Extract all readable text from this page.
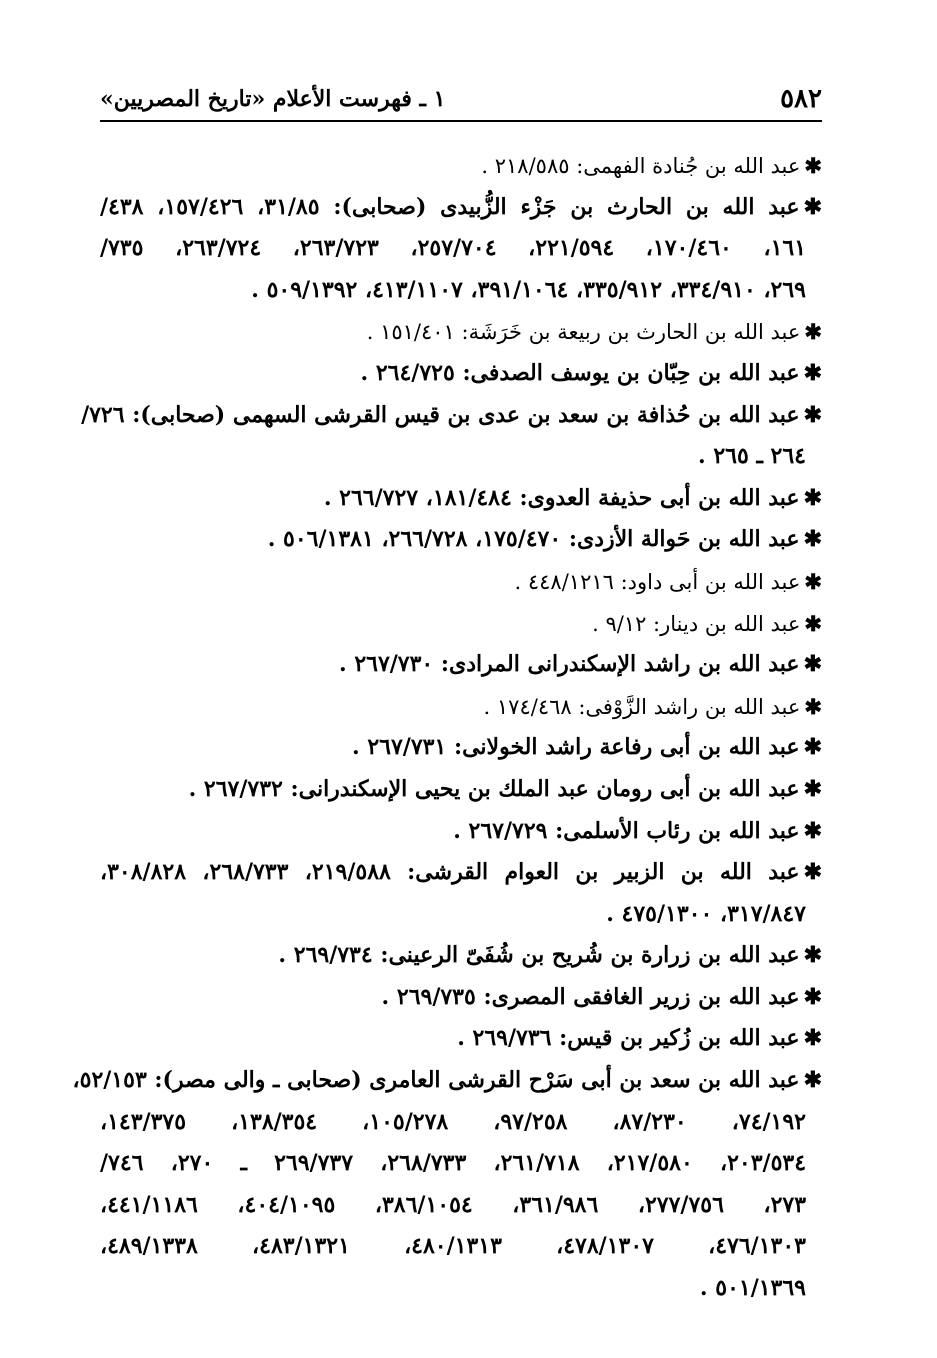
٥٨٢
١ ـ فهرست الأعلام «تاريخ المصريين»
✱عبد الله بن جُنادة الفهمى: ٢١٨/٥٨٥ .
✱عبد الله بن الحارث بن جَزْء الزُّبيدى (صحابى): ٣١/٨٥، ١٥٧/٤٢٦، ٤٣٨/
١٦١، ١٧٠/٤٦٠، ٢٢١/٥٩٤، ٢٥٧/٧٠٤، ٢٦٣/٧٢٣، ٢٦٣/٧٢٤، ٧٣٥/
٢٦٩، ٣٣٤/٩١٠، ٣٣٥/٩١٢، ٣٩١/١٠٦٤، ٤١٣/١١٠٧، ٥٠٩/١٣٩٢ .
✱عبد الله بن الحارث بن ربيعة بن خَرَشَة: ١٥١/٤٠١ .
✱عبد الله بن حِبّان بن يوسف الصدفى: ٢٦٤/٧٢٥ .
✱عبد الله بن حُذافة بن سعد بن عدى بن قيس القرشى السهمى (صحابى): ٧٢٦/
٢٦٤ ـ ٢٦٥ .
✱عبد الله بن أبى حذيفة العدوى: ١٨١/٤٨٤، ٢٦٦/٧٢٧ .
✱عبد الله بن حَوالة الأزدى: ١٧٥/٤٧٠، ٢٦٦/٧٢٨، ٥٠٦/١٣٨١ .
✱عبد الله بن أبى داود: ٤٤٨/١٢١٦ .
✱عبد الله بن دينار: ٩/١٢ .
✱عبد الله بن راشد الإسكندرانى المرادى: ٢٦٧/٧٣٠ .
✱عبد الله بن راشد الزَّوْفى: ١٧٤/٤٦٨ .
✱عبد الله بن أبى رفاعة راشد الخولانى: ٢٦٧/٧٣١ .
✱عبد الله بن أبى رومان عبد الملك بن يحيى الإسكندرانى: ٢٦٧/٧٣٢ .
✱عبد الله بن رئاب الأسلمى: ٢٦٧/٧٢٩ .
✱عبد الله بن الزبير بن العوام القرشى: ٢١٩/٥٨٨، ٢٦٨/٧٣٣، ٣٠٨/٨٢٨،
٣١٧/٨٤٧، ٤٧٥/١٣٠٠ .
✱عبد الله بن زرارة بن شُريح بن شُفَىّ الرعينى: ٢٦٩/٧٣٤ .
✱عبد الله بن زرير الغافقى المصرى: ٢٦٩/٧٣٥ .
✱عبد الله بن زُكير بن قيس: ٢٦٩/٧٣٦ .
✱عبد الله بن سعد بن أبى سَرْح القرشى العامرى (صحابى ـ والى مصر): ٥٢/١٥٣،
٧٤/١٩٢، ٨٧/٢٣٠، ٩٧/٢٥٨، ١٠٥/٢٧٨، ١٣٨/٣٥٤، ١٤٣/٣٧٥،
٢٠٣/٥٣٤، ٢١٧/٥٨٠، ٢٦١/٧١٨، ٢٦٨/٧٣٣، ٢٦٩/٧٣٧ ـ ٢٧٠، ٧٤٦/
٢٧٣، ٢٧٧/٧٥٦، ٣٦١/٩٨٦، ٣٨٦/١٠٥٤، ٤٠٤/١٠٩٥، ٤٤١/١١٨٦،
٤٧٦/١٣٠٣، ٤٧٨/١٣٠٧، ٤٨٠/١٣١٣، ٤٨٣/١٣٢١، ٤٨٩/١٣٣٨،
٥٠١/١٣٦٩ .
